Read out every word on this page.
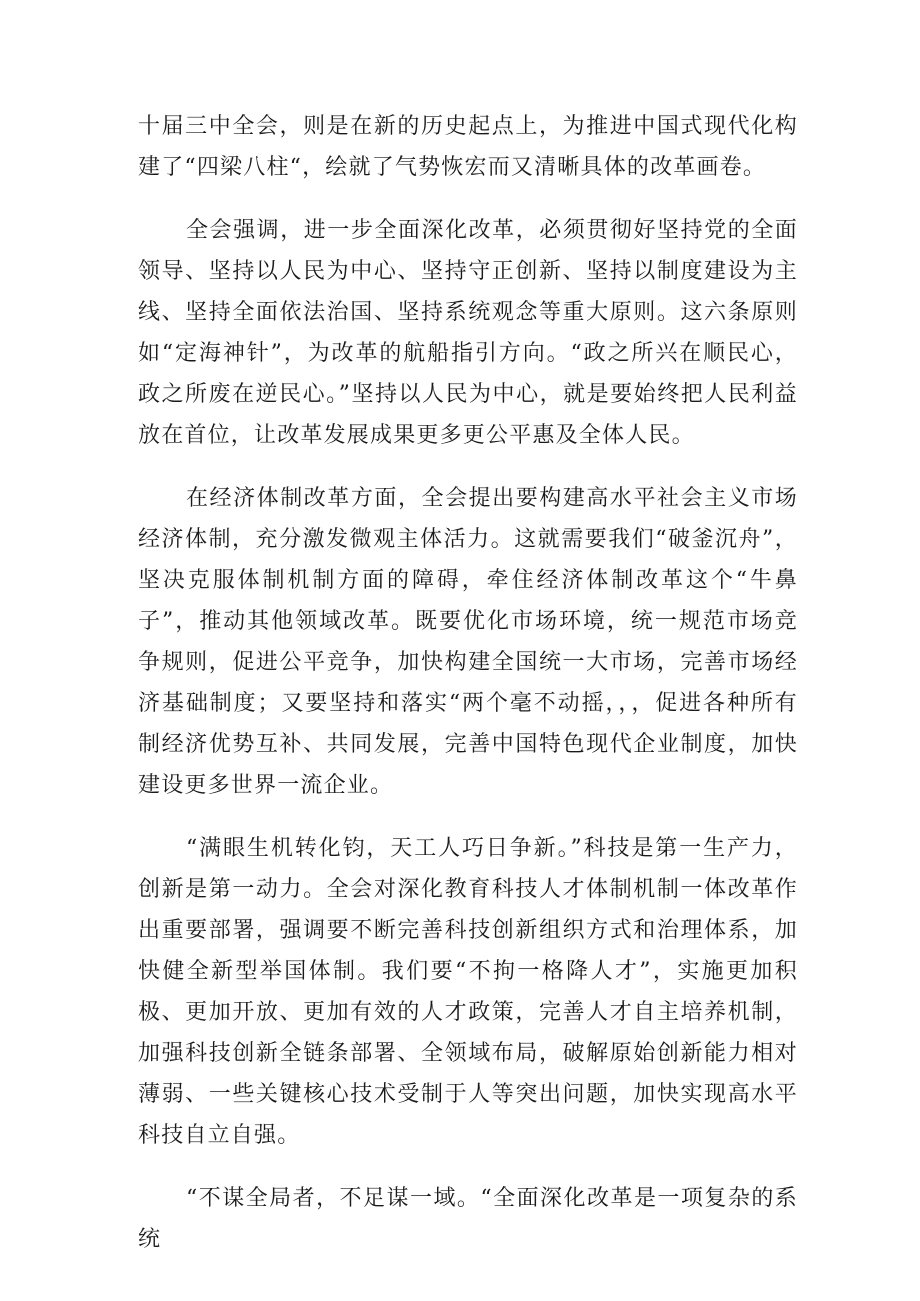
十届三中全会，则是在新的历史起点上，为推进中国式现代化构建了“四梁八柱“，绘就了气势恢宏而又清晰具体的改革画卷。

全会强调，进一步全面深化改革，必须贯彻好坚持党的全面领导、坚持以人民为中心、坚持守正创新、坚持以制度建设为主线、坚持全面依法治国、坚持系统观念等重大原则。这六条原则如“定海神针”，为改革的航船指引方向。“政之所兴在顺民心，政之所废在逆民心。”坚持以人民为中心，就是要始终把人民利益放在首位，让改革发展成果更多更公平惠及全体人民。

在经济体制改革方面，全会提出要构建高水平社会主义市场经济体制，充分激发微观主体活力。这就需要我们“破釜沉舟”，坚决克服体制机制方面的障碍，牵住经济体制改革这个“牛鼻子”，推动其他领域改革。既要优化市场环境，统一规范市场竞争规则，促进公平竞争，加快构建全国统一大市场，完善市场经济基础制度；又要坚持和落实“两个毫不动摇，，，促进各种所有制经济优势互补、共同发展，完善中国特色现代企业制度，加快建设更多世界一流企业。

“满眼生机转化钧，天工人巧日争新。”科技是第一生产力，创新是第一动力。全会对深化教育科技人才体制机制一体改革作出重要部署，强调要不断完善科技创新组织方式和治理体系，加快健全新型举国体制。我们要“不拘一格降人才”，实施更加积极、更加开放、更加有效的人才政策，完善人才自主培养机制，加强科技创新全链条部署、全领域布局，破解原始创新能力相对薄弱、一些关键核心技术受制于人等突出问题，加快实现高水平科技自立自强。

“不谋全局者，不足谋一域。“全面深化改革是一项复杂的系统
